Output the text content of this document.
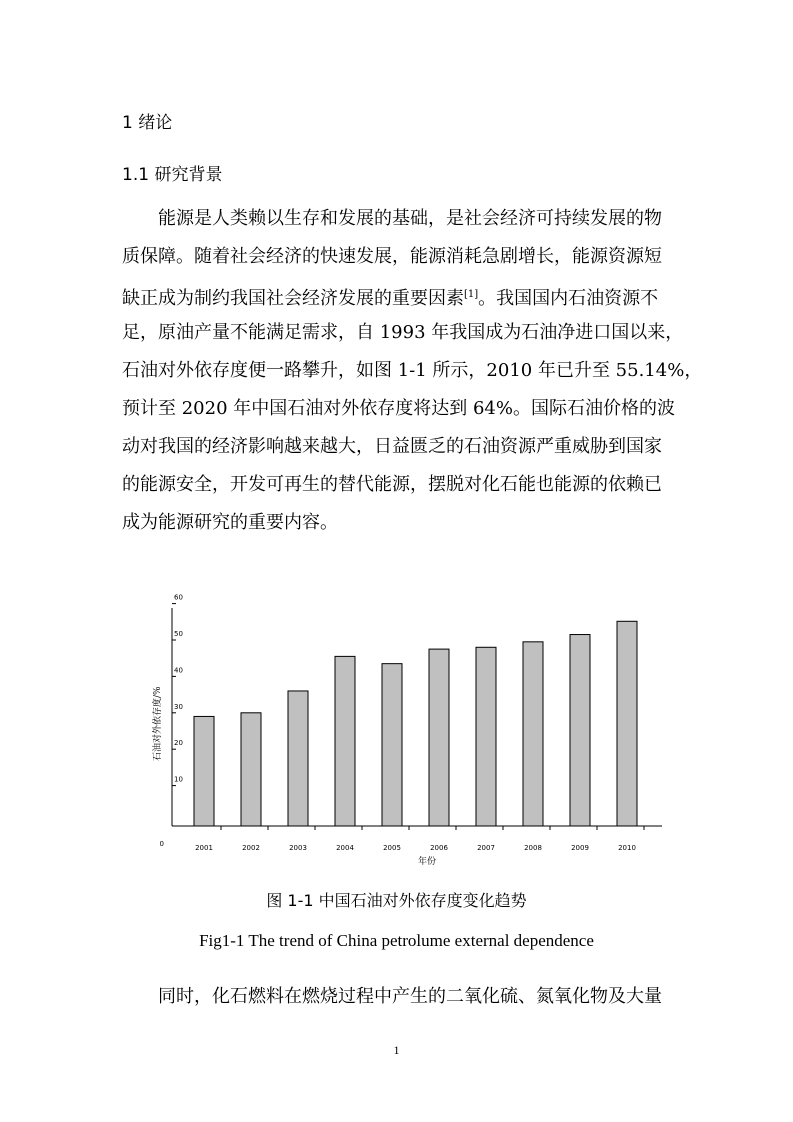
1 绪论
1.1 研究背景
能源是人类赖以生存和发展的基础，是社会经济可持续发展的物
质保障。随着社会经济的快速发展，能源消耗急剧增长，能源资源短
缺正成为制约我国社会经济发展的重要因素[1]。我国国内石油资源不
足，原油产量不能满足需求，自 1993 年我国成为石油净进口国以来，
石油对外依存度便一路攀升，如图 1-1 所示，2010 年已升至 55.14%，
预计至 2020 年中国石油对外依存度将达到 64%。国际石油价格的波
动对我国的经济影响越来越大，日益匮乏的石油资源严重威胁到国家
的能源安全，开发可再生的替代能源，摆脱对化石能也能源的依赖已
成为能源研究的重要内容。
0
10
20
30
40
50
60
2001	2002	2003	2004	2005	2006	2007	2008	2009	2010
年份
石油对外依存度/%
图 1-1 中国石油对外依存度变化趋势
Fig1-1 The trend of China petrolume external dependence
同时，化石燃料在燃烧过程中产生的二氧化硫、氮氧化物及大量
1
